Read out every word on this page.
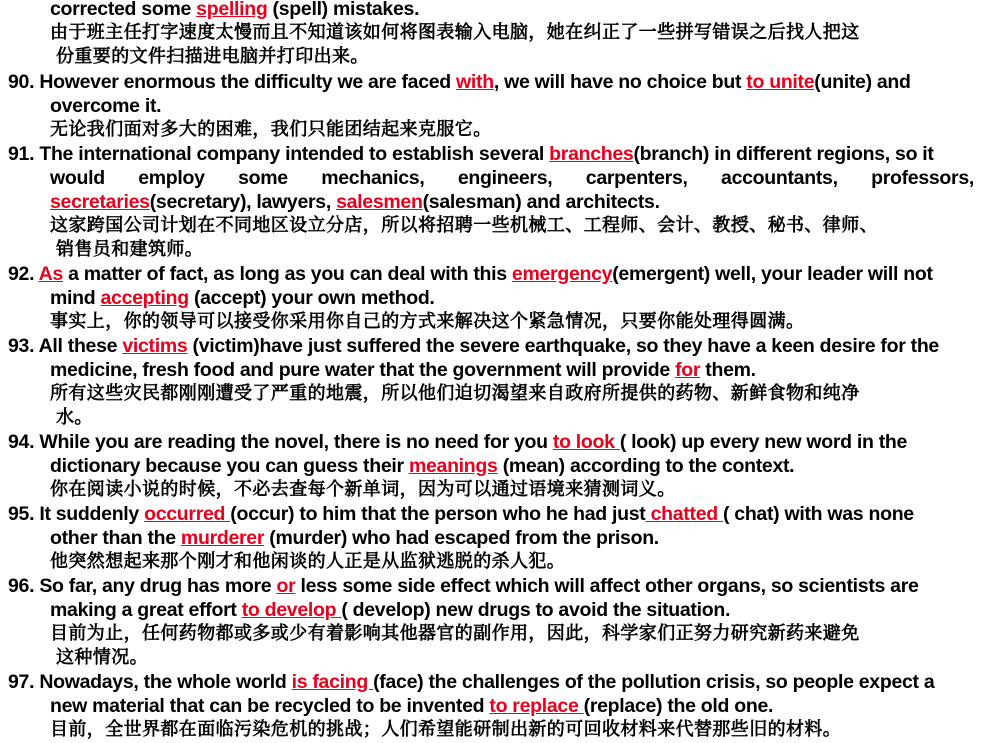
corrected some spelling (spell) mistakes.
由于班主任打字速度太慢而且不知道该如何将图表输入电脑，她在纠正了一些拼写错误之后找人把这
份重要的文件扫描进电脑并打印出来。
90. However enormous the difficulty we are faced with, we will have no choice but to unite(unite) and
overcome it.
无论我们面对多大的困难，我们只能团结起来克服它。
91. The international company intended to establish several branches(branch) in different regions, so it
would employ some mechanics, engineers, carpenters, accountants, professors,
secretaries(secretary), lawyers, salesmen(salesman) and architects.
这家跨国公司计划在不同地区设立分店，所以将招聘一些机械工、工程师、会计、教授、秘书、律师、
销售员和建筑师。
92. As a matter of fact, as long as you can deal with this emergency(emergent) well, your leader will not
mind accepting (accept) your own method.
事实上，你的领导可以接受你采用你自己的方式来解决这个紧急情况，只要你能处理得圆满。
93. All these victims (victim)have just suffered the severe earthquake, so they have a keen desire for the
medicine, fresh food and pure water that the government will provide for them.
所有这些灾民都刚刚遭受了严重的地震，所以他们迫切渴望来自政府所提供的药物、新鲜食物和纯净
水。
94. While you are reading the novel, there is no need for you to look ( look) up every new word in the
dictionary because you can guess their meanings (mean) according to the context.
你在阅读小说的时候，不必去查每个新单词，因为可以通过语境来猜测词义。
95. It suddenly occurred (occur) to him that the person who he had just chatted ( chat) with was none
other than the murderer (murder) who had escaped from the prison.
他突然想起来那个刚才和他闲谈的人正是从监狱逃脱的杀人犯。
96. So far, any drug has more or less some side effect which will affect other organs, so scientists are
making a great effort to develop ( develop) new drugs to avoid the situation.
目前为止，任何药物都或多或少有着影响其他器官的副作用，因此，科学家们正努力研究新药来避免
这种情况。
97. Nowadays, the whole world is facing (face) the challenges of the pollution crisis, so people expect a
new material that can be recycled to be invented to replace (replace) the old one.
目前，全世界都在面临污染危机的挑战；人们希望能研制出新的可回收材料来代替那些旧的材料。
